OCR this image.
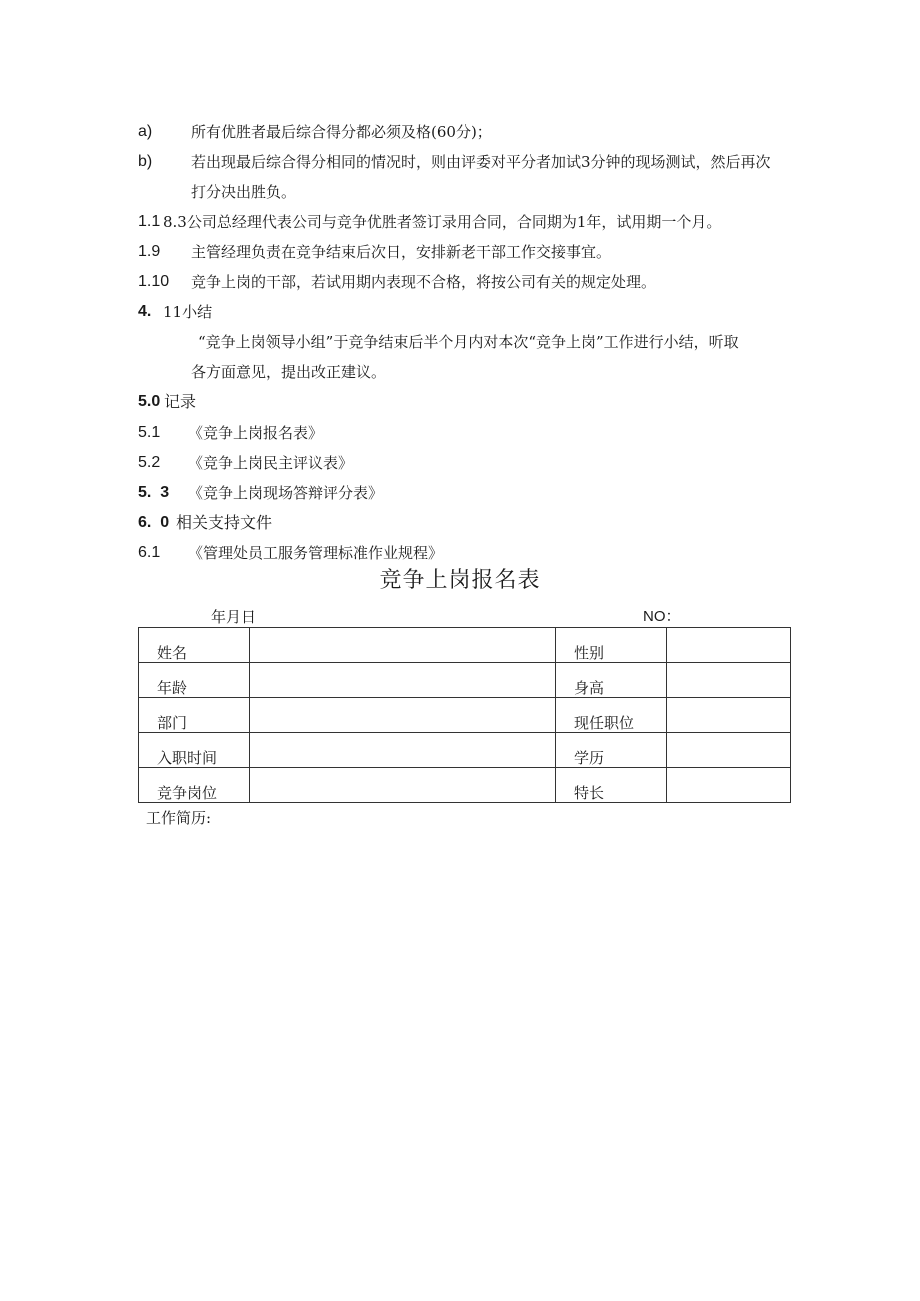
a)	所有优胜者最后综合得分都必须及格(60分)；
b)	若出现最后综合得分相同的情况时，则由评委对平分者加试3分钟的现场测试，然后再次
打分决出胜负。
1.1 8.3公司总经理代表公司与竞争优胜者签订录用合同，合同期为1年，试用期一个月。
1.9 主管经理负责在竞争结束后次日，安排新老干部工作交接事宜。
1.10 竞争上岗的干部，若试用期内表现不合格，将按公司有关的规定处理。
4. 11小结
“竞争上岗领导小组”于竞争结束后半个月内对本次“竞争上岗”工作进行小结，听取
各方面意见，提出改正建议。
5.0 记录
5.1 《竞争上岗报名表》
5.2 《竞争上岗民主评议表》
5.  3 《竞争上岗现场答辩评分表》
6.  0 相关支持文件
6.1 《管理处员工服务管理标准作业规程》
竞争上岗报名表
年月日	NO：
姓名		性别	
年龄		身高	
部门		现任职位	
入职时间		学历	
竞争岗位		特长	
工作简历:
